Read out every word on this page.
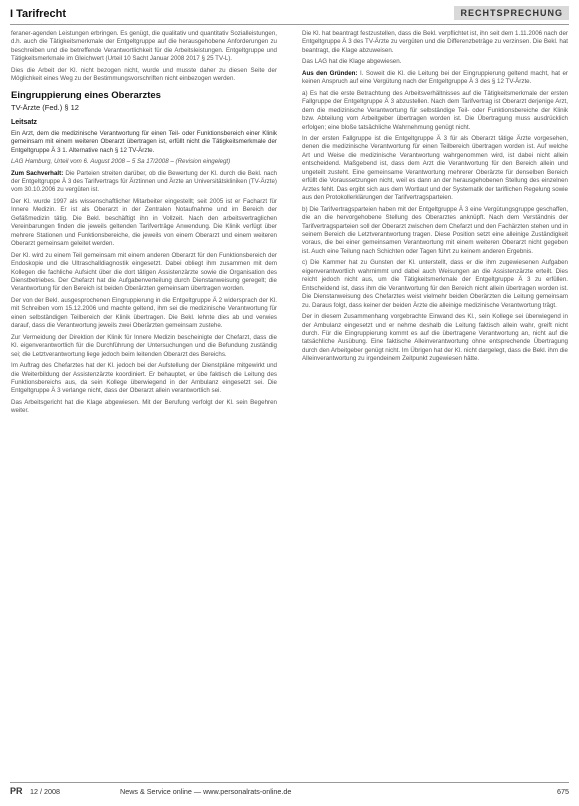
I Tarifrecht	RECHTSPRECHUNG

feraner-agenden Leistungen erbringen. Es genügt, die qualitativ und quantitativ Sozialleistungen, d.h. auch die Tätigkeitsmerkmale der Entgeltgruppe auf die herausgehobene Anforderungen zu beschreiben und die betreffende Verantwortlichkeit für die Arbeitsleistungen. Entgeltgruppe und Tätigkeitsmerkmale im Gleichwert (Urteil 10 Sacht Januar 2008 2017 § 25 TV-L).

Dies die Arbeit der Kl. nicht bezogen nicht, wurde und musste daher zu diesen Seite der Möglichkeit eines Weg zu der Bestimmungsvorschriften nicht einbezogen werden.

Eingruppierung eines Oberarztes
TV-Ärzte (Fed.) § 12
Leitsatz

Ein Arzt, dem die medizinische Verantwortung für einen Teil- oder Funktionsbereich einer Klinik gemeinsam mit einem weiteren Oberarzt übertragen ist, erfüllt nicht die Tätigkeitsmerkmale der Entgeltgruppe Ä 3 1. Alternative nach § 12 TV-Ärzte.

LAG Hamburg, Urteil vom 6. August 2008 – 5 Sa 17/2008 – (Revision eingelegt)

Zum Sachverhalt: Die Parteien streiten darüber, ob die Bewertung der Kl. durch die Bekl. nach der Entgeltgruppe Ä 3 des Tarifvertrags für Ärztinnen und Ärzte an Universitätskliniken (TV-Ärzte) vom 30.10.2006 zu vergüten ist.

Der Kl. wurde 1997 als wissenschaftlicher Mitarbeiter eingestellt; seit 2005 ist er Facharzt für Innere Medizin. Er ist als Oberarzt in der Zentralen Notaufnahme und im Bereich der Gefäßmedizin tätig. Die Bekl. beschäftigt ihn in Vollzeit. Nach den arbeitsvertraglichen Vereinbarungen finden die jeweils geltenden Tarifverträge Anwendung. Die Klinik verfügt über mehrere Stationen und Funktionsbereiche, die jeweils von einem Oberarzt und einem weiteren Oberarzt gemeinsam geleitet werden.

Der Kl. wird zu einem Teil gemeinsam mit einem anderen Oberarzt für den Funktionsbereich der Endoskopie und die Ultraschalldiagnostik eingesetzt. Dabei obliegt ihm zusammen mit dem Kollegen die fachliche Aufsicht über die dort tätigen Assistenzärzte sowie die Organisation des Dienstbetriebes. Der Chefarzt hat die Aufgabenverteilung durch Dienstanweisung geregelt; die Verantwortung für den Bereich ist beiden Oberärzten gemeinsam übertragen worden.

Der von der Bekl. ausgesprochenen Eingruppierung in die Entgeltgruppe Ä 2 widersprach der Kl. mit Schreiben vom 15.12.2006 und machte geltend, ihm sei die medizinische Verantwortung für einen selbständigen Teilbereich der Klinik übertragen. Die Bekl. lehnte dies ab und verwies darauf, dass die Verantwortung jeweils zwei Oberärzten gemeinsam zustehe.

Zur Vermeidung der Direktion der Klinik für Innere Medizin bescheinigte der Chefarzt, dass die Kl. eigenverantwortlich für die Durchführung der Untersuchungen und die Befundung zuständig sei; die Letztverantwortung liege jedoch beim leitenden Oberarzt des Bereichs.

Im Auftrag des Chefarztes hat der Kl. jedoch bei der Aufstellung der Dienstpläne mitgewirkt und die Weiterbildung der Assistenzärzte koordiniert. Er behauptet, er übe faktisch die Leitung des Funktionsbereichs aus, da sein Kollege überwiegend in der Ambulanz eingesetzt sei. Die Entgeltgruppe Ä 3 verlange nicht, dass der Oberarzt allein verantwortlich sei.

Das Arbeitsgericht hat die Klage abgewiesen. Mit der Berufung verfolgt der Kl. sein Begehren weiter.

Die Kl. hat beantragt festzustellen, dass die Bekl. verpflichtet ist, ihn seit dem 1.11.2006 nach der Entgeltgruppe Ä 3 des TV-Ärzte zu vergüten und die Differenzbeträge zu verzinsen. Die Bekl. hat beantragt, die Klage abzuweisen.

Das LAG hat die Klage abgewiesen.

Aus den Gründen: I. Soweit die Kl. die Leitung bei der Eingruppierung geltend macht, hat er keinen Anspruch auf eine Vergütung nach der Entgeltgruppe Ä 3 des § 12 TV-Ärzte.

a) Es hat die erste Betrachtung des Arbeitsverhältnisses auf die Tätigkeitsmerkmale der ersten Fallgruppe der Entgeltgruppe Ä 3 abzustellen. Nach dem Tarifvertrag ist Oberarzt derjenige Arzt, dem die medizinische Verantwortung für selbständige Teil- oder Funktionsbereiche der Klinik bzw. Abteilung vom Arbeitgeber übertragen worden ist. Die Übertragung muss ausdrücklich erfolgen; eine bloße tatsächliche Wahrnehmung genügt nicht.

In der ersten Fallgruppe ist die Entgeltgruppe Ä 3 für als Oberarzt tätige Ärzte vorgesehen, denen die medizinische Verantwortung für einen Teilbereich übertragen worden ist. Auf welche Art und Weise die medizinische Verantwortung wahrgenommen wird, ist dabei nicht allein entscheidend. Maßgebend ist, dass dem Arzt die Verantwortung für den Bereich allein und ungeteilt zusteht. Eine gemeinsame Verantwortung mehrerer Oberärzte für denselben Bereich erfüllt die Voraussetzungen nicht, weil es dann an der herausgehobenen Stellung des einzelnen Arztes fehlt. Das ergibt sich aus dem Wortlaut und der Systematik der tariflichen Regelung sowie aus den Protokollerklärungen der Tarifvertragsparteien.

b) Die Tarifvertragsparteien haben mit der Entgeltgruppe Ä 3 eine Vergütungsgruppe geschaffen, die an die hervorgehobene Stellung des Oberarztes anknüpft. Nach dem Verständnis der Tarifvertragsparteien soll der Oberarzt zwischen dem Chefarzt und den Fachärzten stehen und in seinem Bereich die Letztverantwortung tragen. Diese Position setzt eine alleinige Zuständigkeit voraus, die bei einer gemeinsamen Verantwortung mit einem weiteren Oberarzt nicht gegeben ist. Auch eine Teilung nach Schichten oder Tagen führt zu keinem anderen Ergebnis.

c) Die Kammer hat zu Gunsten der Kl. unterstellt, dass er die ihm zugewiesenen Aufgaben eigenverantwortlich wahrnimmt und dabei auch Weisungen an die Assistenzärzte erteilt. Dies reicht jedoch nicht aus, um die Tätigkeitsmerkmale der Entgeltgruppe Ä 3 zu erfüllen. Entscheidend ist, dass ihm die Verantwortung für den Bereich nicht allein übertragen worden ist. Die Dienstanweisung des Chefarztes weist vielmehr beiden Oberärzten die Leitung gemeinsam zu. Daraus folgt, dass keiner der beiden Ärzte die alleinige medizinische Verantwortung trägt.

Der in diesem Zusammenhang vorgebrachte Einwand des Kl., sein Kollege sei überwiegend in der Ambulanz eingesetzt und er nehme deshalb die Leitung faktisch allein wahr, greift nicht durch. Für die Eingruppierung kommt es auf die übertragene Verantwortung an, nicht auf die tatsächliche Ausübung. Eine faktische Alleinverantwortung ohne entsprechende Übertragung durch den Arbeitgeber genügt nicht. Im Übrigen hat der Kl. nicht dargelegt, dass die Bekl. ihm die Alleinverantwortung zu irgendeinem Zeitpunkt zugewiesen hätte.

PR 12 / 2008	News & Service online — www.personalrats-online.de	675
